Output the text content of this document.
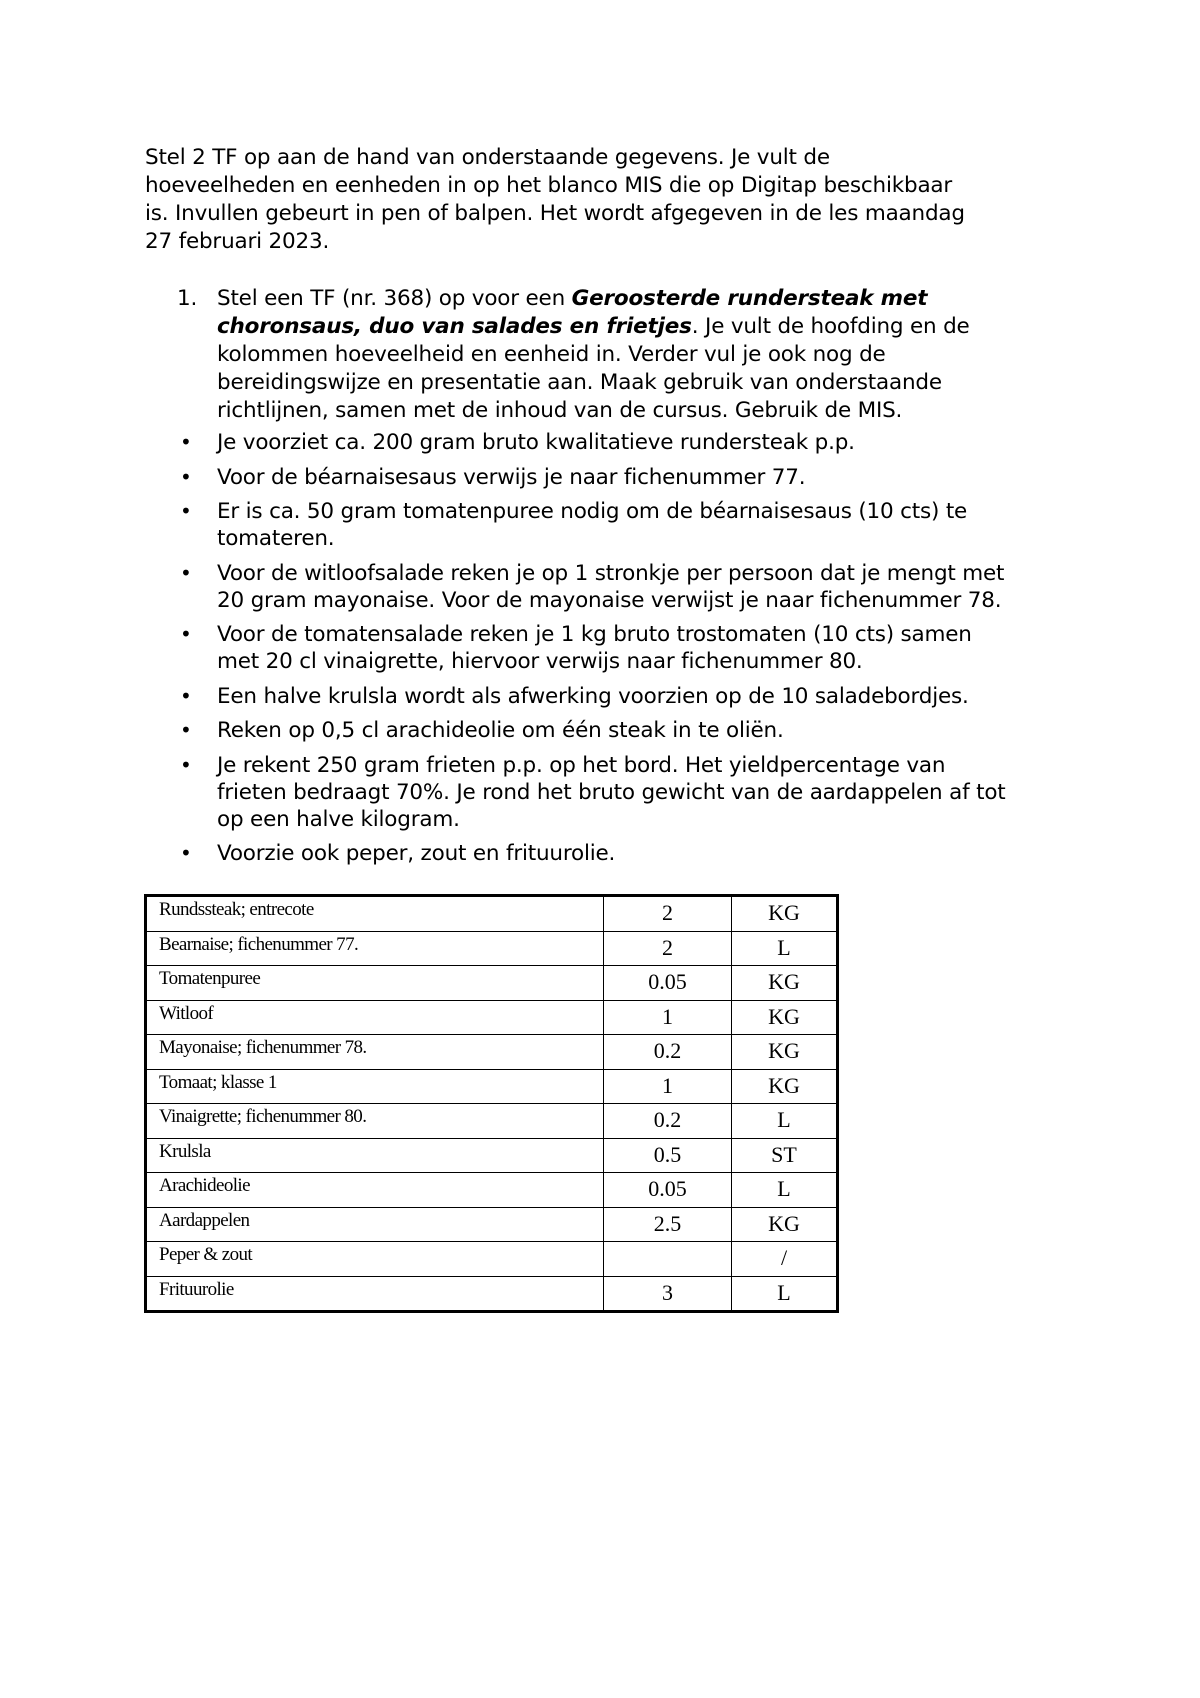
Stel 2 TF op aan de hand van onderstaande gegevens. Je vult de
hoeveelheden en eenheden in op het blanco MIS die op Digitap beschikbaar
is. Invullen gebeurt in pen of balpen. Het wordt afgegeven in de les maandag
27 februari 2023.

1. Stel een TF (nr. 368) op voor een Geroosterde rundersteak met
choronsaus, duo van salades en frietjes. Je vult de hoofding en de
kolommen hoeveelheid en eenheid in. Verder vul je ook nog de
bereidingswijze en presentatie aan. Maak gebruik van onderstaande
richtlijnen, samen met de inhoud van de cursus. Gebruik de MIS.
• Je voorziet ca. 200 gram bruto kwalitatieve rundersteak p.p.
• Voor de béarnaisesaus verwijs je naar fichenummer 77.
• Er is ca. 50 gram tomatenpuree nodig om de béarnaisesaus (10 cts) te
tomateren.
• Voor de witloofsalade reken je op 1 stronkje per persoon dat je mengt met
20 gram mayonaise. Voor de mayonaise verwijst je naar fichenummer 78.
• Voor de tomatensalade reken je 1 kg bruto trostomaten (10 cts) samen
met 20 cl vinaigrette, hiervoor verwijs naar fichenummer 80.
• Een halve krulsla wordt als afwerking voorzien op de 10 saladebordjes.
• Reken op 0,5 cl arachideolie om één steak in te oliën.
• Je rekent 250 gram frieten p.p. op het bord. Het yieldpercentage van
frieten bedraagt 70%. Je rond het bruto gewicht van de aardappelen af tot
op een halve kilogram.
• Voorzie ook peper, zout en frituurolie.
Rundssteak; entrecote	2	KG
Bearnaise; fichenummer 77.	2	L
Tomatenpuree	0.05	KG
Witloof	1	KG
Mayonaise; fichenummer 78.	0.2	KG
Tomaat; klasse 1	1	KG
Vinaigrette; fichenummer 80.	0.2	L
Krulsla	0.5	ST
Arachideolie	0.05	L
Aardappelen	2.5	KG
Peper & zout		/
Frituurolie	3	L
